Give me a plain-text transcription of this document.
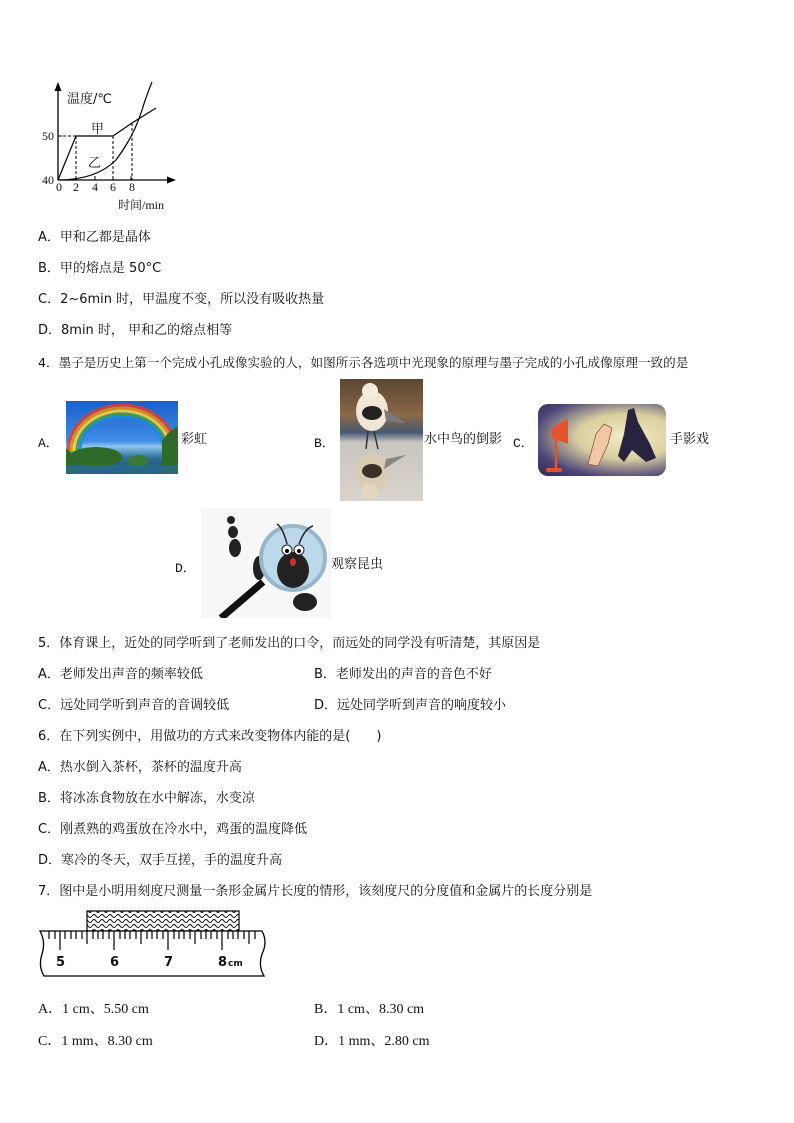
温度/℃
时间/min
40
50
0 2 4 6 8
甲
乙
A．甲和乙都是晶体
B．甲的熔点是 50°C
C．2~6min 时，甲温度不变，所以没有吸收热量
D．8min 时， 甲和乙的熔点相等
4．墨子是历史上第一个完成小孔成像实验的人，如图所示各选项中光现象的原理与墨子完成的小孔成像原理一致的是
A．	彩虹	B．	水中鸟的倒影 C．	手影戏
D．	观察昆虫
5．体育课上，近处的同学听到了老师发出的口令，而远处的同学没有听清楚，其原因是
A．老师发出声音的频率较低	B．老师发出的声音的音色不好
C．远处同学听到声音的音调较低	D．远处同学听到声音的响度较小
6．在下列实例中，用做功的方式来改变物体内能的是(　　)
A．热水倒入茶杯，茶杯的温度升高
B．将冰冻食物放在水中解冻，水变凉
C．刚煮熟的鸡蛋放在冷水中，鸡蛋的温度降低
D．寒冷的冬天，双手互搓，手的温度升高
7．图中是小明用刻度尺测量一条形金属片长度的情形，该刻度尺的分度值和金属片的长度分别是
5	6	7	8 cm
A．1 cm、5.50 cm	B．1 cm、8.30 cm
C．1 mm、8.30 cm	D．1 mm、2.80 cm
